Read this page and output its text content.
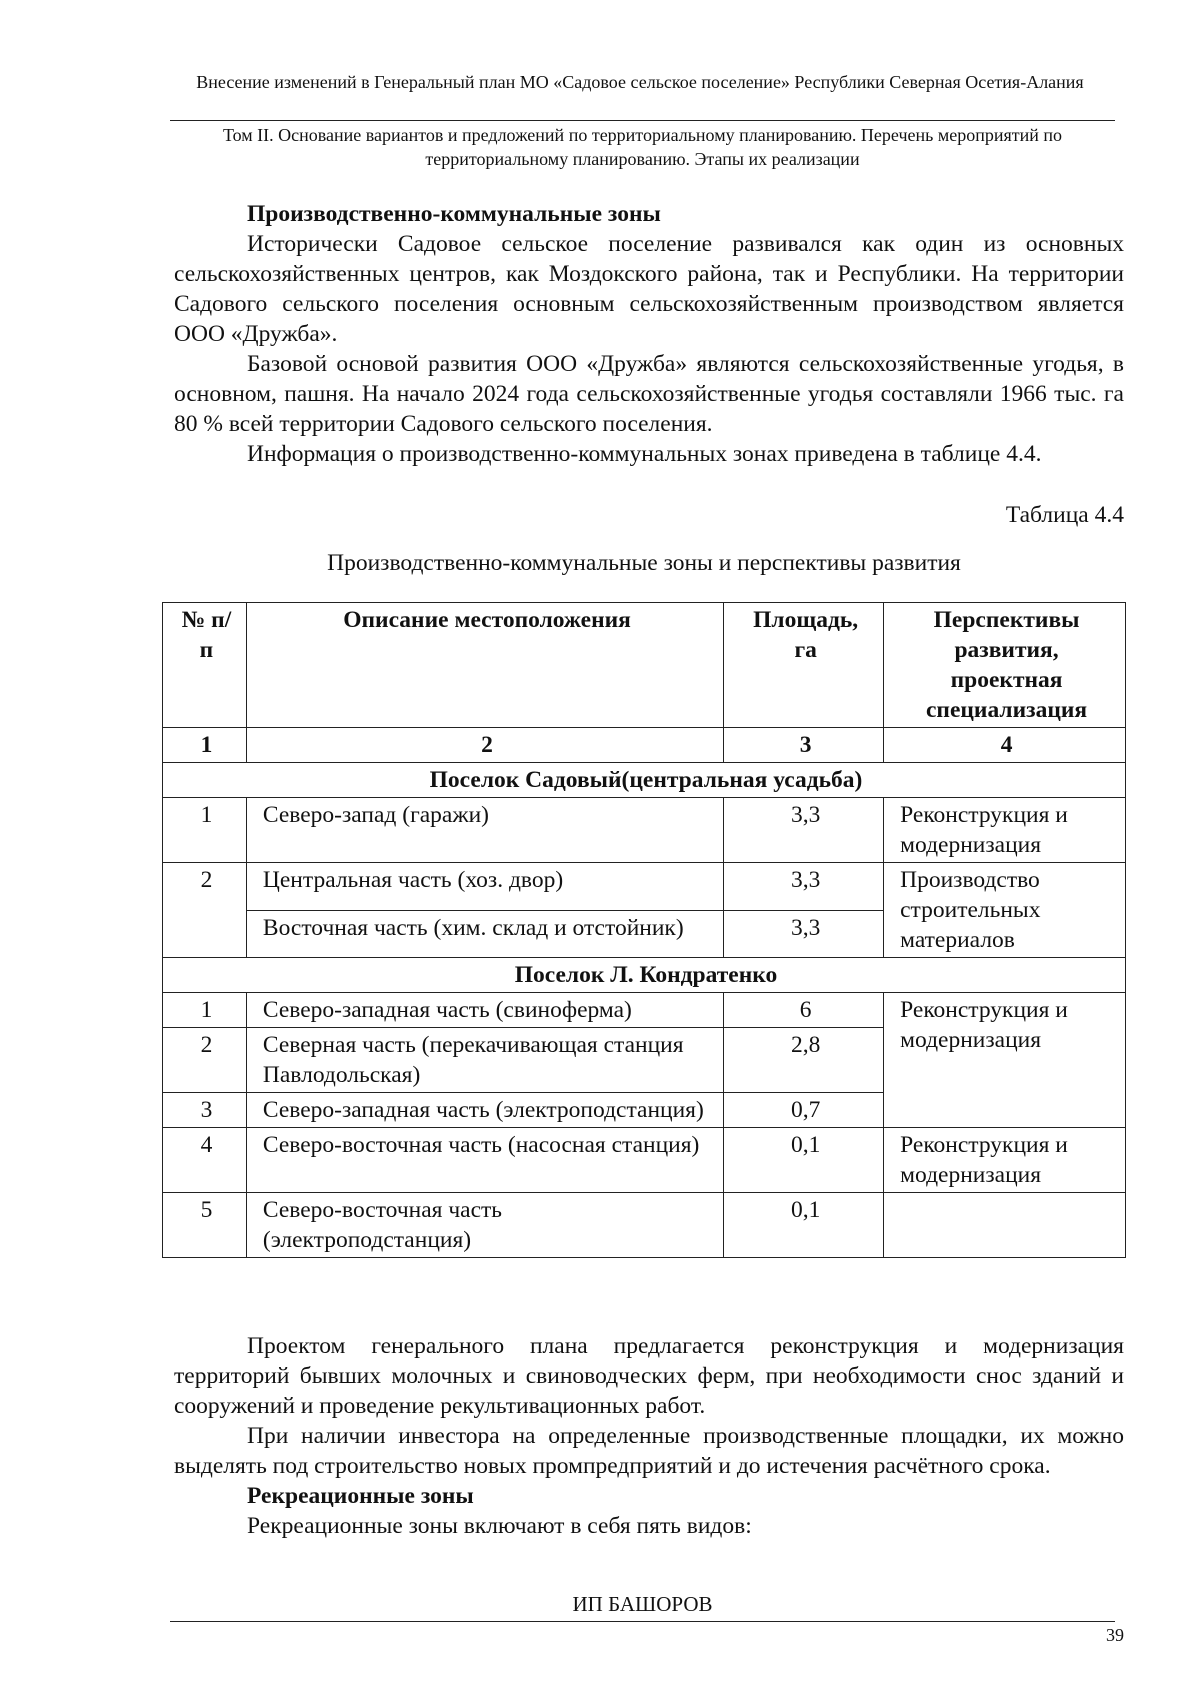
Внесение изменений в Генеральный план МО «Садовое сельское поселение» Республики Северная Осетия-Алания
Том II. Основание вариантов и предложений по территориальному планированию. Перечень мероприятий по территориальному планированию. Этапы их реализации

Производственно-коммунальные зоны

Исторически Садовое сельское поселение развивался как один из основных сельскохозяйственных центров, как Моздокского района, так и Республики. На территории Садового сельского поселения основным сельскохозяйственным производством является ООО «Дружба».

Базовой основой развития ООО «Дружба» являются сельскохозяйственные угодья, в основном, пашня. На начало 2024 года сельскохозяйственные угодья составляли 1966 тыс. га 80 % всей территории Садового сельского поселения.

Информация о производственно-коммунальных зонах приведена в таблице 4.4.

Таблица 4.4

Производственно-коммунальные зоны и перспективы развития

№ п/п	Описание местоположения	Площадь, га	Перспективы развития, проектная специализация
1	2	3	4
Поселок Садовый(центральная усадьба)			
1	Северо-запад (гаражи)	3,3	Реконструкция и модернизация
2	Центральная часть (хоз. двор)	3,3	Производство строительных материалов
	Восточная часть (хим. склад и отстойник)	3,3	
Поселок Л. Кондратенко			
1	Северо-западная часть (свиноферма)	6	Реконструкция и модернизация
2	Северная часть (перекачивающая станция Павлодольская)	2,8	
3	Северо-западная часть (электроподстанция)	0,7	
4	Северо-восточная часть (насосная станция)	0,1	Реконструкция и модернизация
5	Северо-восточная часть (электроподстанция)	0,1	

Проектом генерального плана предлагается реконструкция и модернизация территорий бывших молочных и свиноводческих ферм, при необходимости снос зданий и сооружений и проведение рекультивационных работ.

При наличии инвестора на определенные производственные площадки, их можно выделять под строительство новых промпредприятий и до истечения расчётного срока.

Рекреационные зоны

Рекреационные зоны включают в себя пять видов:

ИП БАШОРОВ
39
